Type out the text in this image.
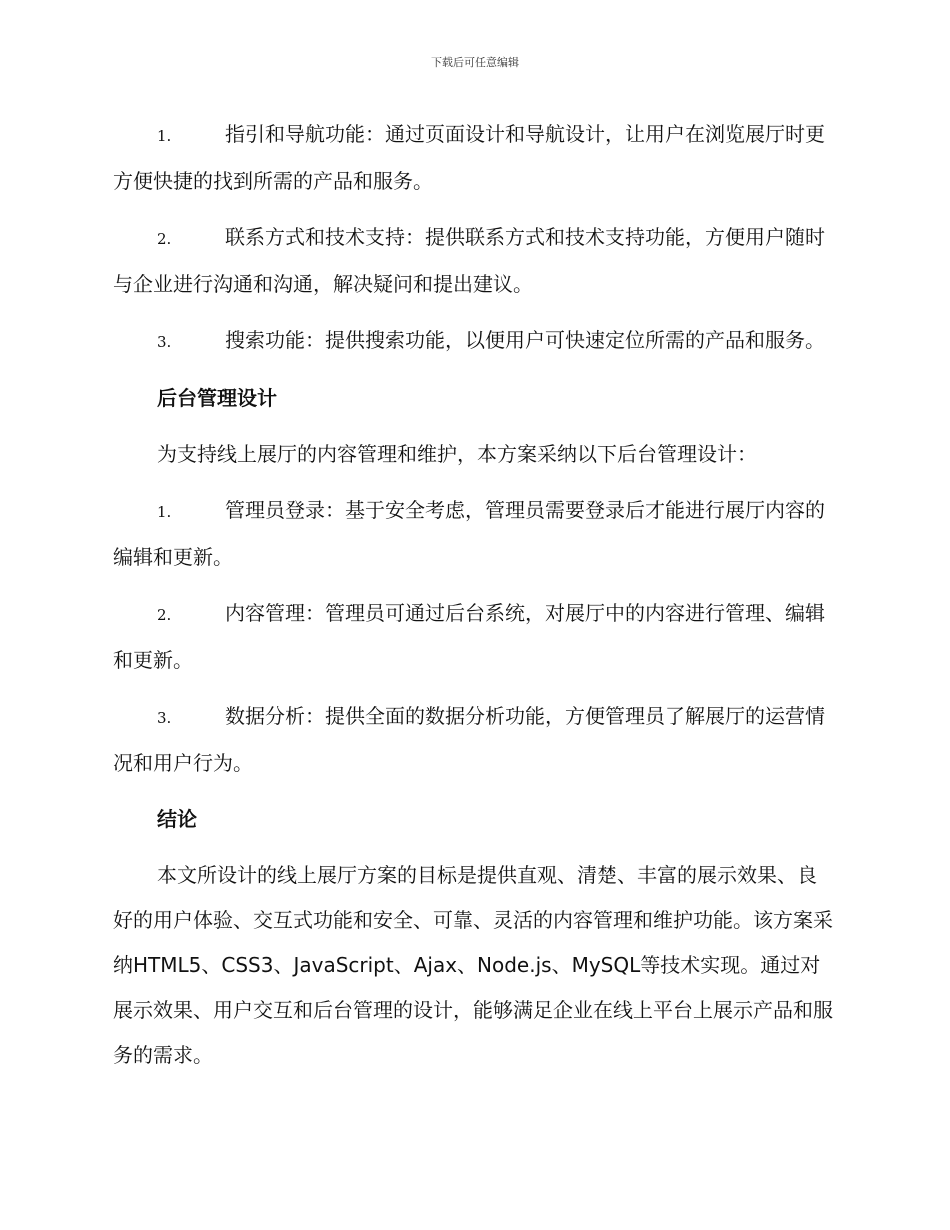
下载后可任意编辑

1.	指引和导航功能：通过页面设计和导航设计，让用户在浏览展厅时更方便快捷的找到所需的产品和服务。

2.	联系方式和技术支持：提供联系方式和技术支持功能，方便用户随时与企业进行沟通和沟通，解决疑问和提出建议。

3.	搜索功能：提供搜索功能，以便用户可快速定位所需的产品和服务。

后台管理设计

为支持线上展厅的内容管理和维护，本方案采纳以下后台管理设计：

1.	管理员登录：基于安全考虑，管理员需要登录后才能进行展厅内容的编辑和更新。

2.	内容管理：管理员可通过后台系统，对展厅中的内容进行管理、编辑和更新。

3.	数据分析：提供全面的数据分析功能，方便管理员了解展厅的运营情况和用户行为。

结论

本文所设计的线上展厅方案的目标是提供直观、清楚、丰富的展示效果、良好的用户体验、交互式功能和安全、可靠、灵活的内容管理和维护功能。该方案采纳HTML5、CSS3、JavaScript、Ajax、Node.js、MySQL等技术实现。通过对展示效果、用户交互和后台管理的设计，能够满足企业在线上平台上展示产品和服务的需求。
